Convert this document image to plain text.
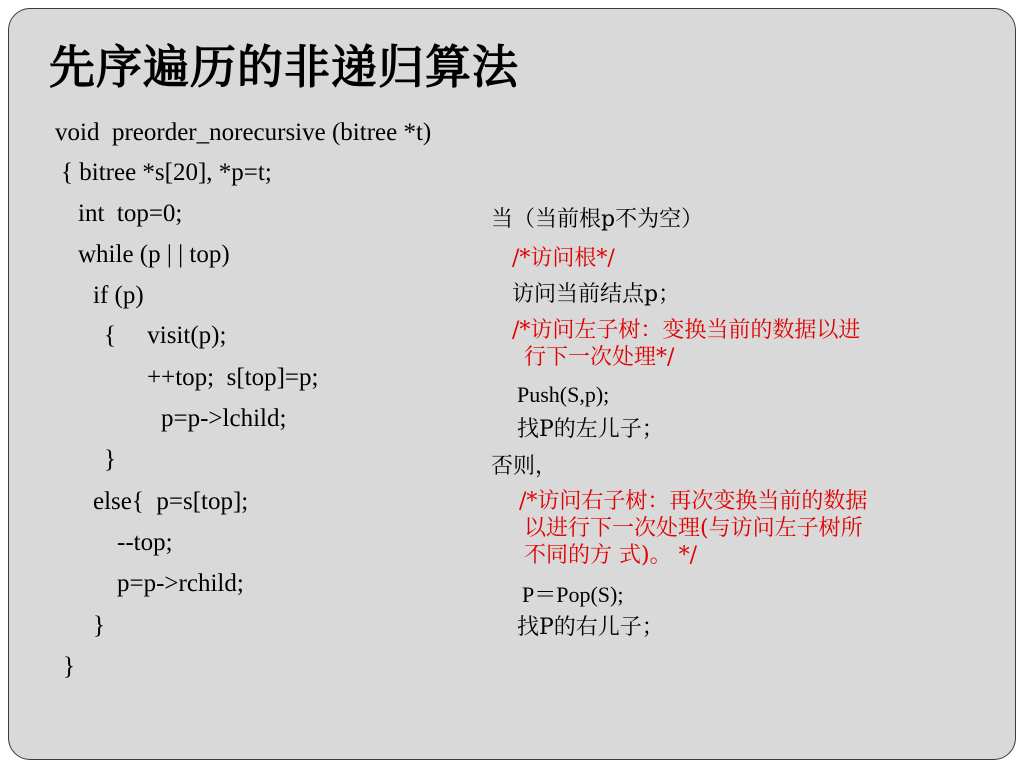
先序遍历的非递归算法
void  preorder_norecursive (bitree *t)
{ bitree *s[20], *p=t;
int  top=0;
while (p | | top)
if (p)
{     visit(p);
++top;  s[top]=p;
p=p->lchild;
}
else{  p=s[top];
--top;
p=p->rchild;
}
}
当（当前根p不为空）
/*访问根*/
访问当前结点p；
/*访问左子树：变换当前的数据以进
行下一次处理*/
Push(S,p);
找P的左儿子；
否则，
/*访问右子树：再次变换当前的数据
以进行下一次处理(与访问左子树所
不同的方 式)。 */
P＝Pop(S);
找P的右儿子；
